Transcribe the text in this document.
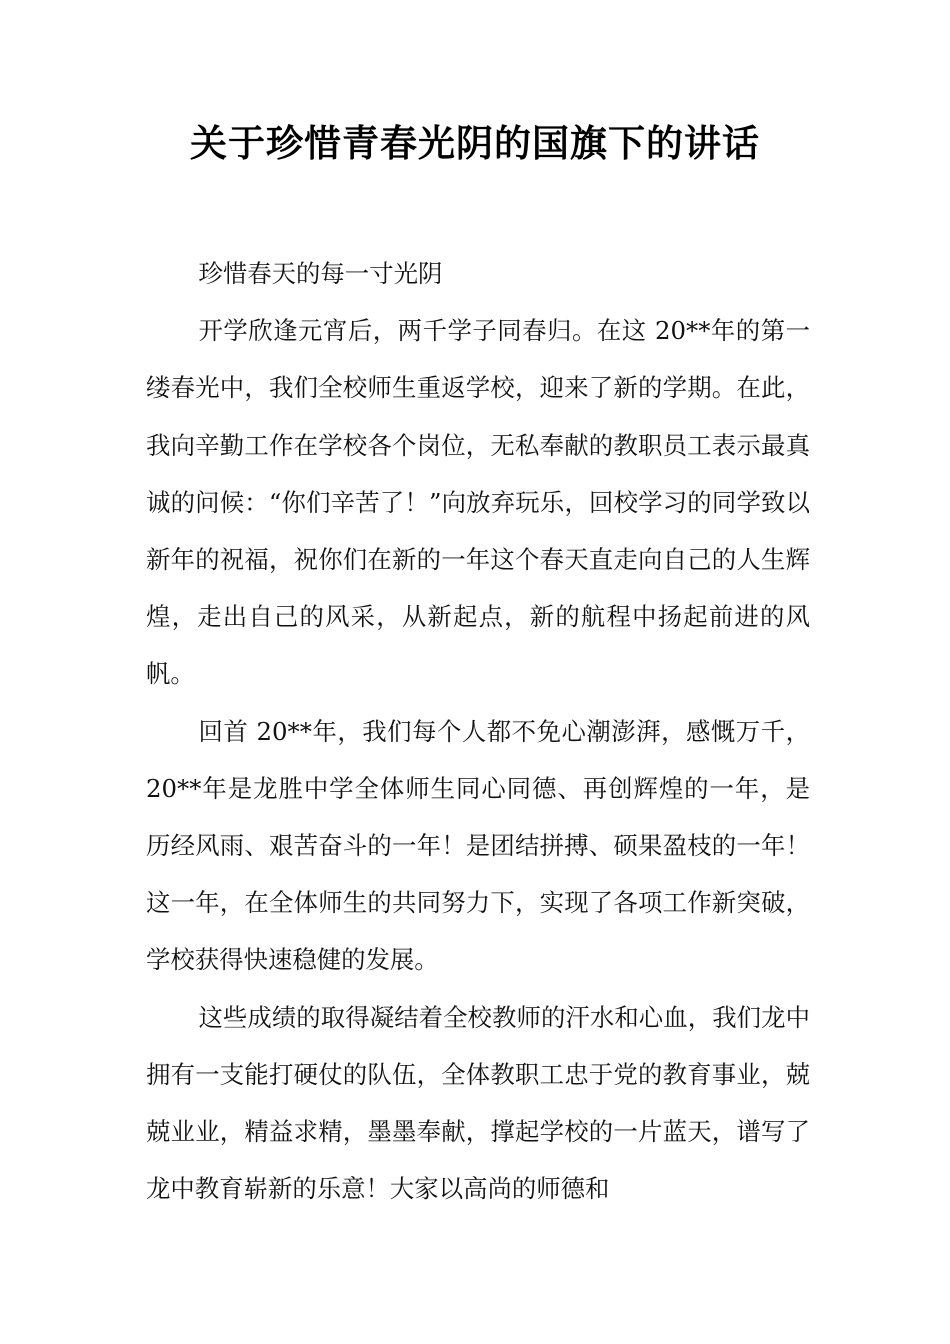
关于珍惜青春光阴的国旗下的讲话

珍惜春天的每一寸光阴

开学欣逢元宵后，两千学子同春归。在这 20**年的第一缕春光中，我们全校师生重返学校，迎来了新的学期。在此，我向辛勤工作在学校各个岗位，无私奉献的教职员工表示最真诚的问候：“你们辛苦了！”向放弃玩乐，回校学习的同学致以新年的祝福，祝你们在新的一年这个春天直走向自己的人生辉煌，走出自己的风采，从新起点，新的航程中扬起前进的风帆。

回首 20**年，我们每个人都不免心潮澎湃，感慨万千，20**年是龙胜中学全体师生同心同德、再创辉煌的一年，是历经风雨、艰苦奋斗的一年！是团结拼搏、硕果盈枝的一年！这一年，在全体师生的共同努力下，实现了各项工作新突破，学校获得快速稳健的发展。

这些成绩的取得凝结着全校教师的汗水和心血，我们龙中拥有一支能打硬仗的队伍，全体教职工忠于党的教育事业，兢兢业业，精益求精，墨墨奉献，撑起学校的一片蓝天，谱写了龙中教育崭新的乐意！大家以高尚的师德和
